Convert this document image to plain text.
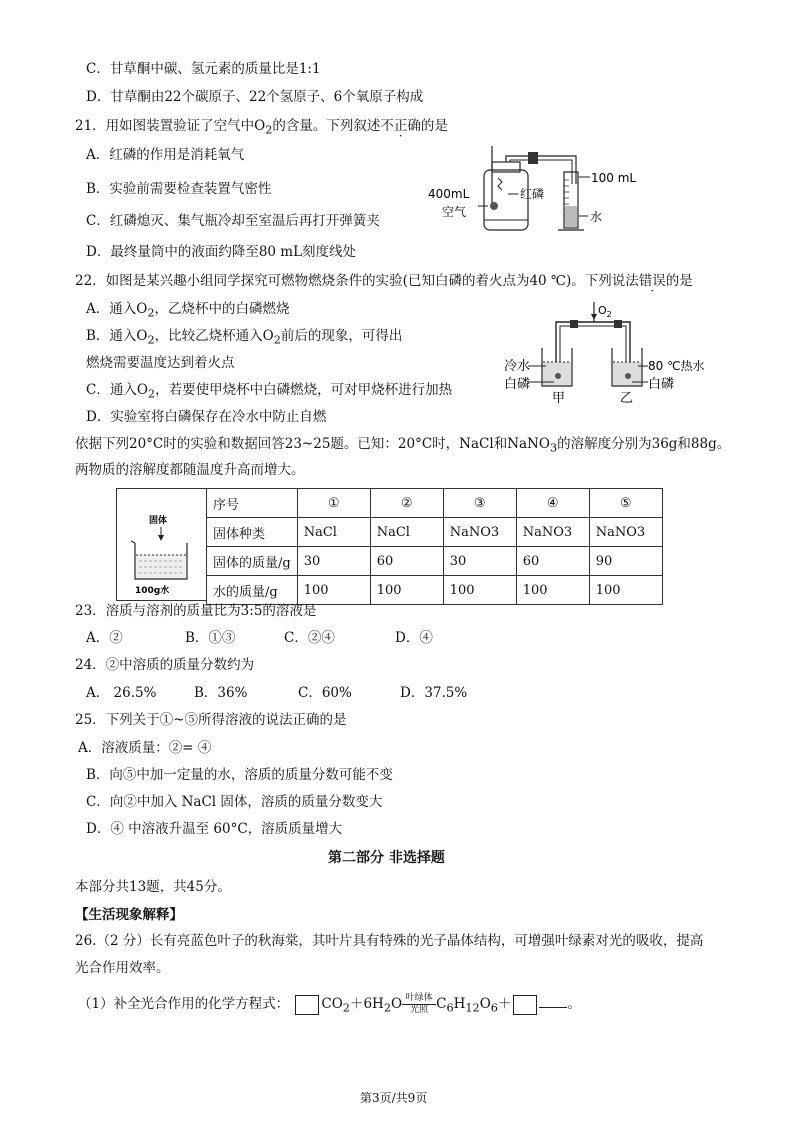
C．甘草酮中碳、氢元素的质量比是1:1
D．甘草酮由22个碳原子、22个氢原子、6个氧原子构成
21．用如图装置验证了空气中$O_2$的含量。下列叙述不正确的是
A．红磷的作用是消耗氧气
B．实验前需要检查装置气密性
C．红磷熄灭、集气瓶冷却至室温后再打开弹簧夹
D．最终量筒中的液面约降至80 mL刻度线处
100 mL
水
红磷
400mL
空气
22．如图是某兴趣小组同学探究可燃物燃烧条件的实验(已知白磷的着火点为40 ℃)。下列说法错误的是
A．通入$O_2$，乙烧杯中的白磷燃烧
B．通入$O_2$，比较乙烧杯通入$O_2$前后的现象，可得出
燃烧需要温度达到着火点
C．通入$O_2$，若要使甲烧杯中白磷燃烧，可对甲烧杯进行加热
D．实验室将白磷保存在冷水中防止自燃
$O_2$
冷水
白磷
80 ℃热水
白磷
甲	乙
依据下列20°C时的实验和数据回答23~25题。已知：20°C时，NaCl和NaNO$_3$的溶解度分别为36g和88g。
两物质的溶解度都随温度升高而增大。
固体
100g水
序号	①	②	③	④	⑤
固体种类	NaCl	NaCl	NaNO3	NaNO3	NaNO3
固体的质量/g	30	60	30	60	90
水的质量/g	100	100	100	100	100
23．溶质与溶剂的质量比为3:5的溶液是
A．②	B．①③	C．②④	D．④
24．②中溶质的质量分数约为
A． 26.5%	B．36%	C．60%	D．37.5%
25．下列关于①~⑤所得溶液的说法正确的是
A．溶液质量：②= ④
B．向⑤中加一定量的水，溶质的质量分数可能不变
C．向②中加入 NaCl 固体，溶质的质量分数变大
D．④ 中溶液升温至 60°C，溶质质量增大
第二部分 非选择题
本部分共13题，共45分。
【生活现象解释】
26.（2 分）长有亮蓝色叶子的秋海棠，其叶片具有特殊的光子晶体结构，可增强叶绿素对光的吸收，提高
光合作用效率。
（1）补全光合作用的化学方程式： $CO_2+6H_2O$ 叶绿体
光照 $C_6H_{12}O_6+$	。
第3页/共9页
